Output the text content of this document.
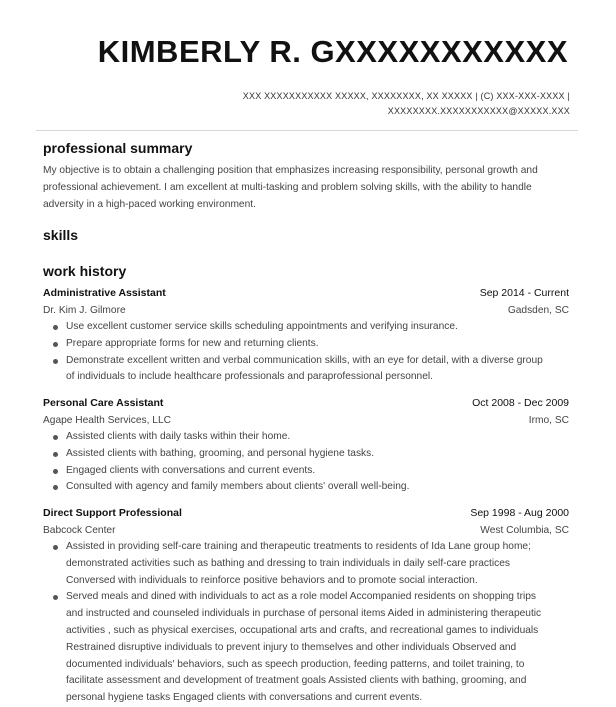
KIMBERLY R. GXXXXXXXXXXX
XXX XXXXXXXXXXX XXXXX, XXXXXXXX, XX XXXXX | (C) XXX-XXX-XXXX |
XXXXXXXX.XXXXXXXXXXX@XXXXX.XXX
professional summary
My objective is to obtain a challenging position that emphasizes increasing responsibility, personal growth and professional achievement. I am excellent at multi-tasking and problem solving skills, with the ability to handle adversity in a high-paced working environment.
skills
work history
Administrative Assistant	Sep 2014 - Current
Dr. Kim J. Gilmore	Gadsden, SC
Use excellent customer service skills scheduling appointments and verifying insurance.
Prepare appropriate forms for new and returning clients.
Demonstrate excellent written and verbal communication skills, with an eye for detail, with a diverse group of individuals to include healthcare professionals and paraprofessional personnel.
Personal Care Assistant	Oct 2008 - Dec 2009
Agape Health Services, LLC	Irmo, SC
Assisted clients with daily tasks within their home.
Assisted clients with bathing, grooming, and personal hygiene tasks.
Engaged clients with conversations and current events.
Consulted with agency and family members about clients' overall well-being.
Direct Support Professional	Sep 1998 - Aug 2000
Babcock Center	West Columbia, SC
Assisted in providing self-care training and therapeutic treatments to residents of Ida Lane group home; demonstrated activities such as bathing and dressing to train individuals in daily self-care practices Conversed with individuals to reinforce positive behaviors and to promote social interaction.
Served meals and dined with individuals to act as a role model Accompanied residents on shopping trips and instructed and counseled individuals in purchase of personal items Aided in administering therapeutic activities , such as physical exercises, occupational arts and crafts, and recreational games to individuals Restrained disruptive individuals to prevent injury to themselves and other individuals Observed and documented individuals' behaviors, such as speech production, feeding patterns, and toilet training, to facilitate assessment and development of treatment goals Assisted clients with bathing, grooming, and personal hygiene tasks Engaged clients with conversations and current events.
